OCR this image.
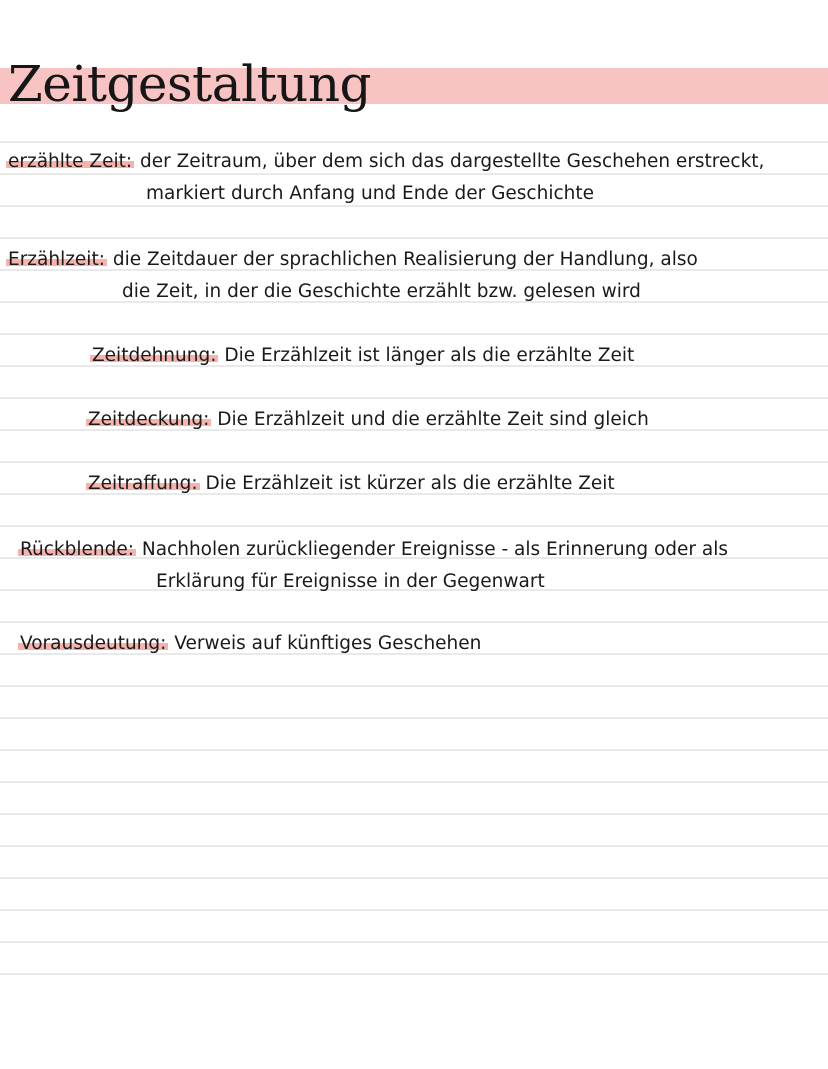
Zeitgestaltung
erzählte Zeit: der Zeitraum, über dem sich das dargestellte Geschehen erstreckt,
markiert durch Anfang und Ende der Geschichte
Erzählzeit: die Zeitdauer der sprachlichen Realisierung der Handlung, also
die Zeit, in der die Geschichte erzählt bzw. gelesen wird
Zeitdehnung: Die Erzählzeit ist länger als die erzählte Zeit
Zeitdeckung: Die Erzählzeit und die erzählte Zeit sind gleich
Zeitraffung: Die Erzählzeit ist kürzer als die erzählte Zeit
Rückblende: Nachholen zurückliegender Ereignisse - als Erinnerung oder als
Erklärung für Ereignisse in der Gegenwart
Vorausdeutung: Verweis auf künftiges Geschehen
